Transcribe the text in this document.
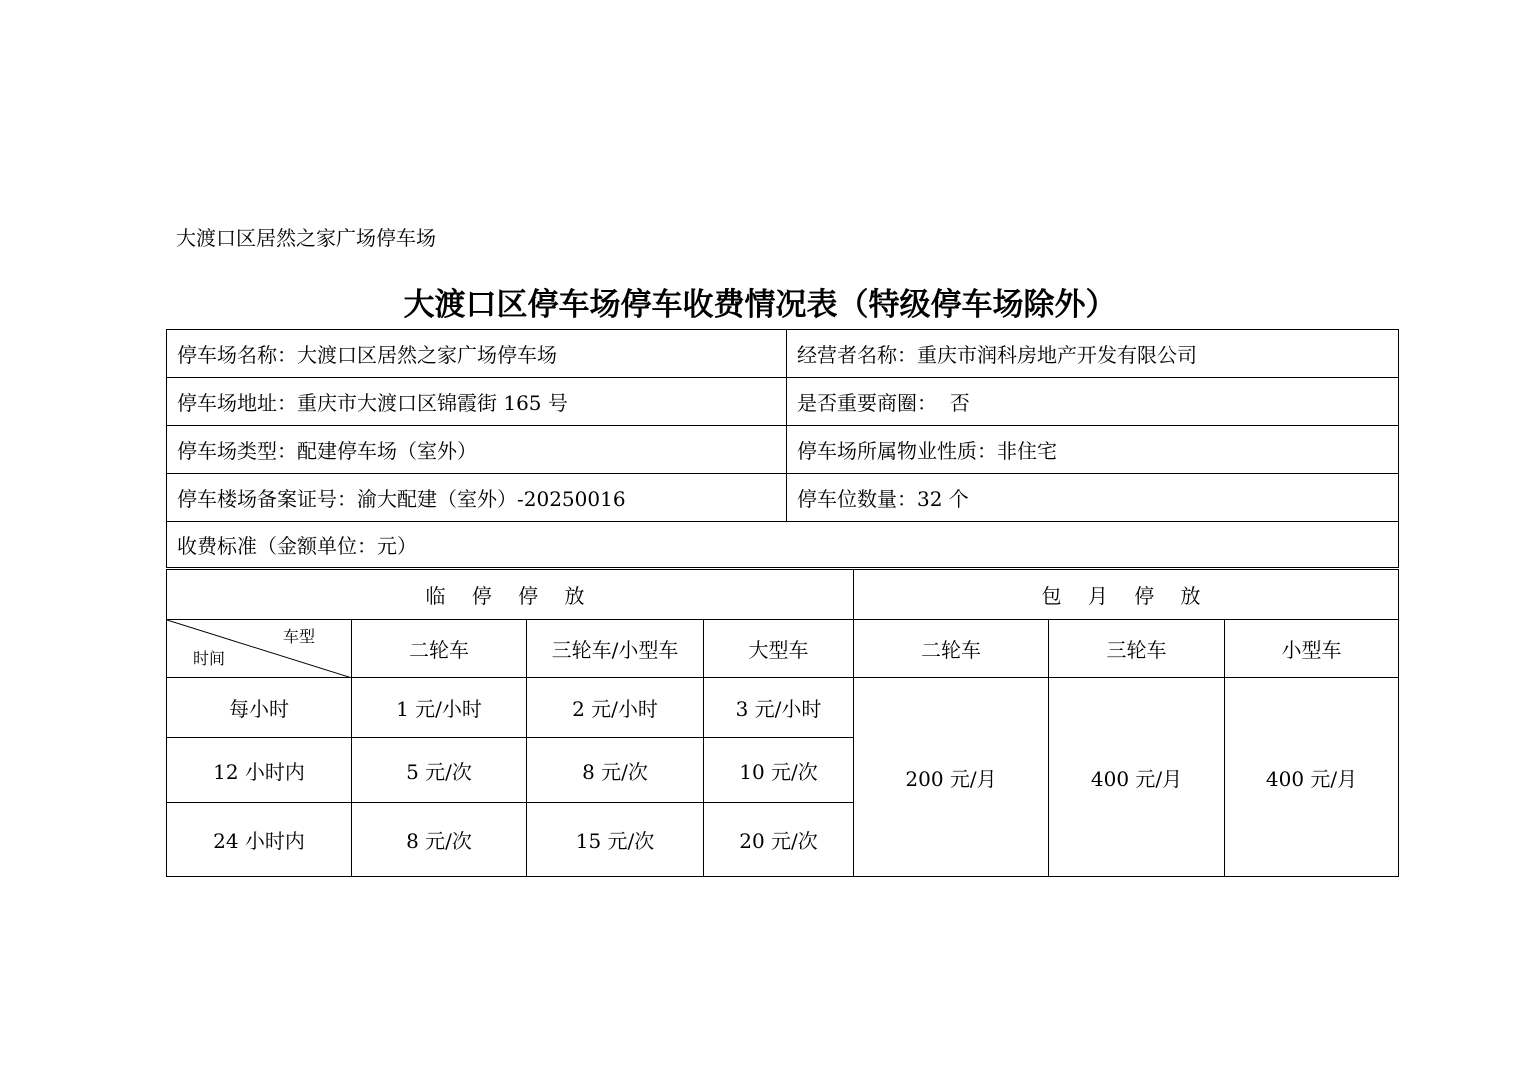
大渡口区居然之家广场停车场
大渡口区停车场停车收费情况表（特级停车场除外）
停车场名称：大渡口区居然之家广场停车场	经营者名称：重庆市润科房地产开发有限公司
停车场地址：重庆市大渡口区锦霞街 165 号	是否重要商圈：  否
停车场类型：配建停车场（室外）	停车场所属物业性质：非住宅
停车楼场备案证号：渝大配建（室外）-20250016	停车位数量：32 个
收费标准（金额单位：元）	
临 停 停 放				包 月 停 放		

车型
时间	二轮车	三轮车/小型车	大型车	二轮车	三轮车	小型车
每小时	1 元/小时	2 元/小时	3 元/小时	200 元/月	400 元/月	400 元/月
12 小时内	5 元/次	8 元/次	10 元/次			
24 小时内	8 元/次	15 元/次	20 元/次			
